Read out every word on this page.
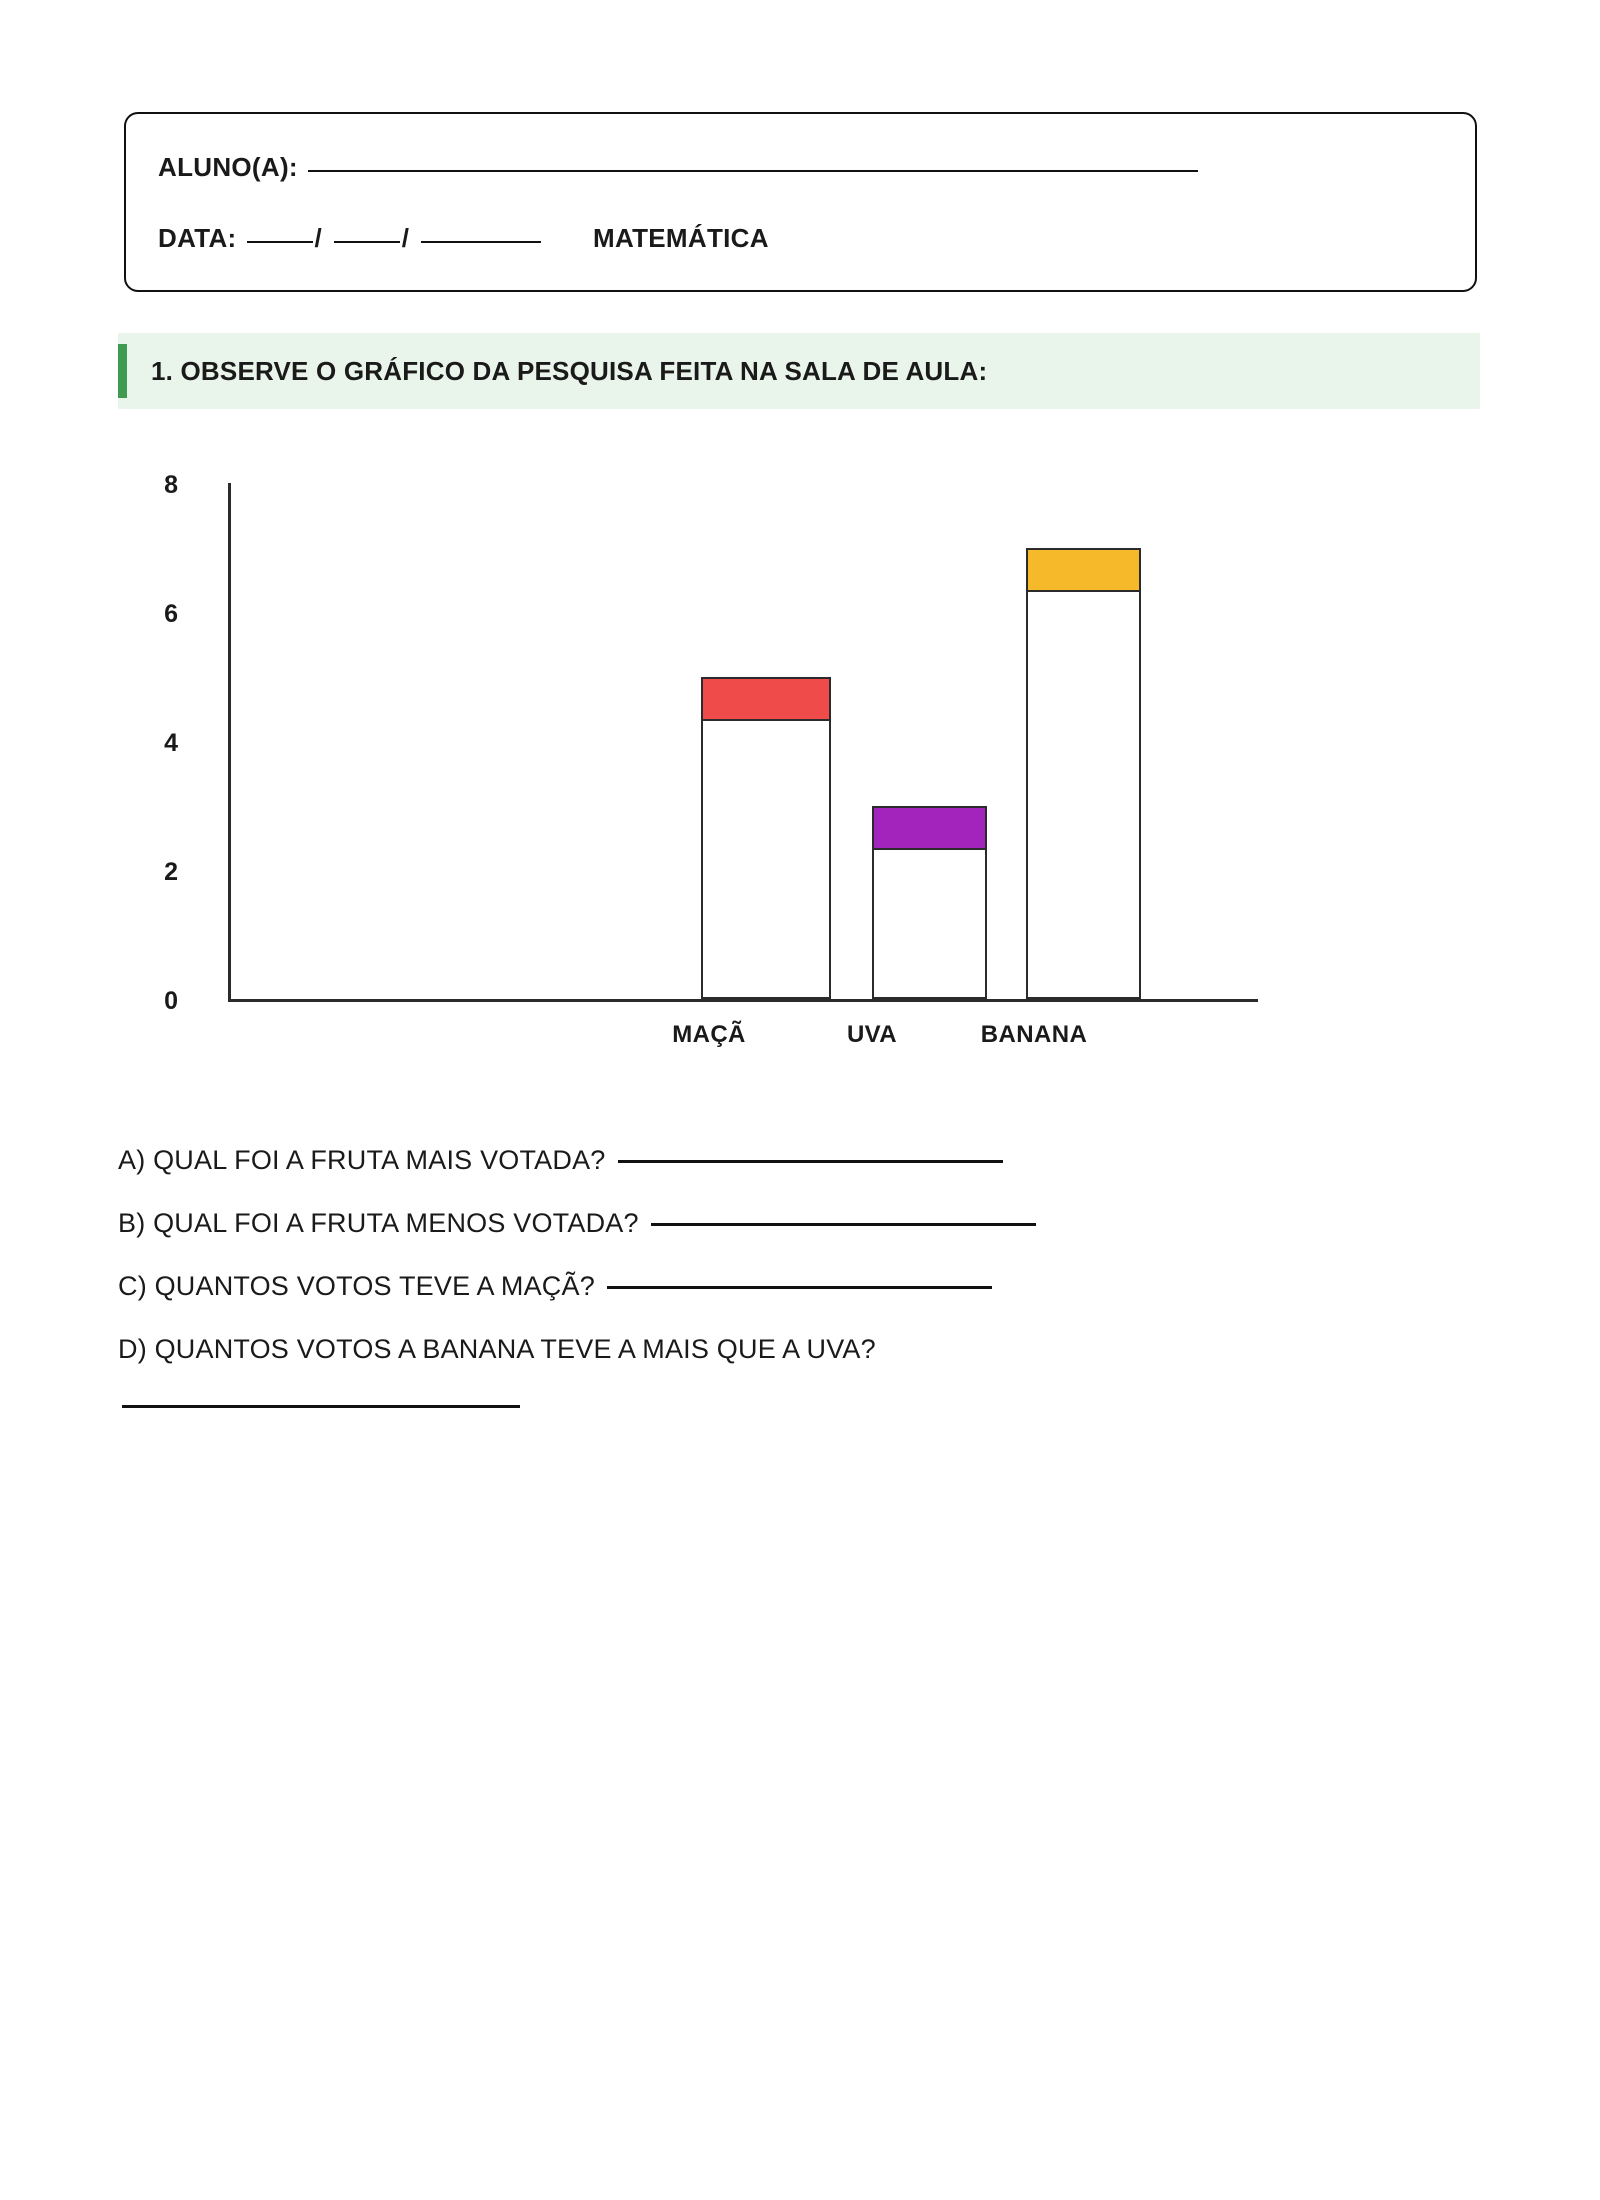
ALUNO(A):
DATA:	/	/	MATEMÁTICA
1. OBSERVE O GRÁFICO DA PESQUISA FEITA NA SALA DE AULA:
8
6
4
2
0
MAÇÃ	UVA	BANANA
A) QUAL FOI A FRUTA MAIS VOTADA?
B) QUAL FOI A FRUTA MENOS VOTADA?
C) QUANTOS VOTOS TEVE A MAÇÃ?
D) QUANTOS VOTOS A BANANA TEVE A MAIS QUE A UVA?
